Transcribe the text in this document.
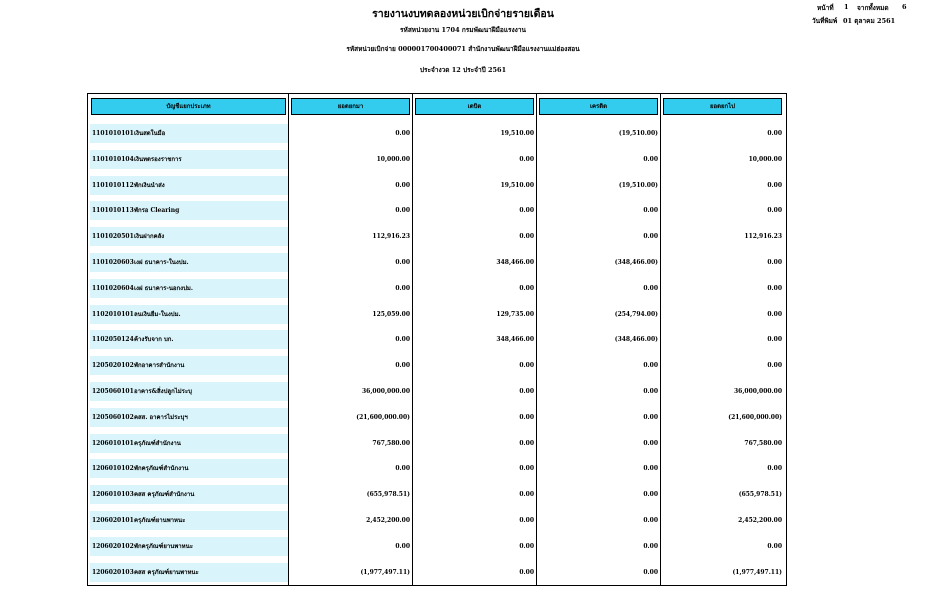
รายงานงบทดลองหน่วยเบิกจ่ายรายเดือน
รหัสหน่วยงาน 1704 กรมพัฒนาฝีมือแรงงาน
รหัสหน่วยเบิกจ่าย 000001700400071 สำนักงานพัฒนาฝีมือแรงงานแม่ฮ่องสอน
ประจำงวด 12 ประจำปี 2561
หน้าที่ 1 จากทั้งหมด 6
วันที่พิมพ์ 01 ตุลาคม 2561
บัญชีแยกประเภท	ยอดยกมา	เดบิต	เครดิต	ยอดยกไป
1101010101เงินสดในมือ	0.00	19,510.00	(19,510.00)	0.00
1101010104เงินทดรองราชการ	10,000.00	0.00	0.00	10,000.00
1101010112พักเงินนำส่ง	0.00	19,510.00	(19,510.00)	0.00
1101010113พักรอ Clearing	0.00	0.00	0.00	0.00
1101020501เงินฝากคลัง	112,916.23	0.00	0.00	112,916.23
1101020603เงฝ ธนาคาร-ในงปม.	0.00	348,466.00	(348,466.00)	0.00
1101020604เงฝ ธนาคาร-นอกงปม.	0.00	0.00	0.00	0.00
1102010101ลนเงินยืม-ในงปม.	125,059.00	129,735.00	(254,794.00)	0.00
1102050124ค้างรับจาก บก.	0.00	348,466.00	(348,466.00)	0.00
1205020102พักอาคารสำนักงาน	0.00	0.00	0.00	0.00
1205060101อาคาร&สิ่งปลูกไม่ระบุ	36,000,000.00	0.00	0.00	36,000,000.00
1205060102คสส. อาคารไม่ระบุฯ	(21,600,000.00)	0.00	0.00	(21,600,000.00)
1206010101ครุภัณฑ์สำนักงาน	767,580.00	0.00	0.00	767,580.00
1206010102พักครุภัณฑ์สำนักงาน	0.00	0.00	0.00	0.00
1206010103คสส ครุภัณฑ์สำนักงาน	(655,978.51)	0.00	0.00	(655,978.51)
1206020101ครุภัณฑ์ยานพาหนะ	2,452,200.00	0.00	0.00	2,452,200.00
1206020102พักครุภัณฑ์ยานพาหนะ	0.00	0.00	0.00	0.00
1206020103คสส ครุภัณฑ์ยานพาหนะ	(1,977,497.11)	0.00	0.00	(1,977,497.11)
